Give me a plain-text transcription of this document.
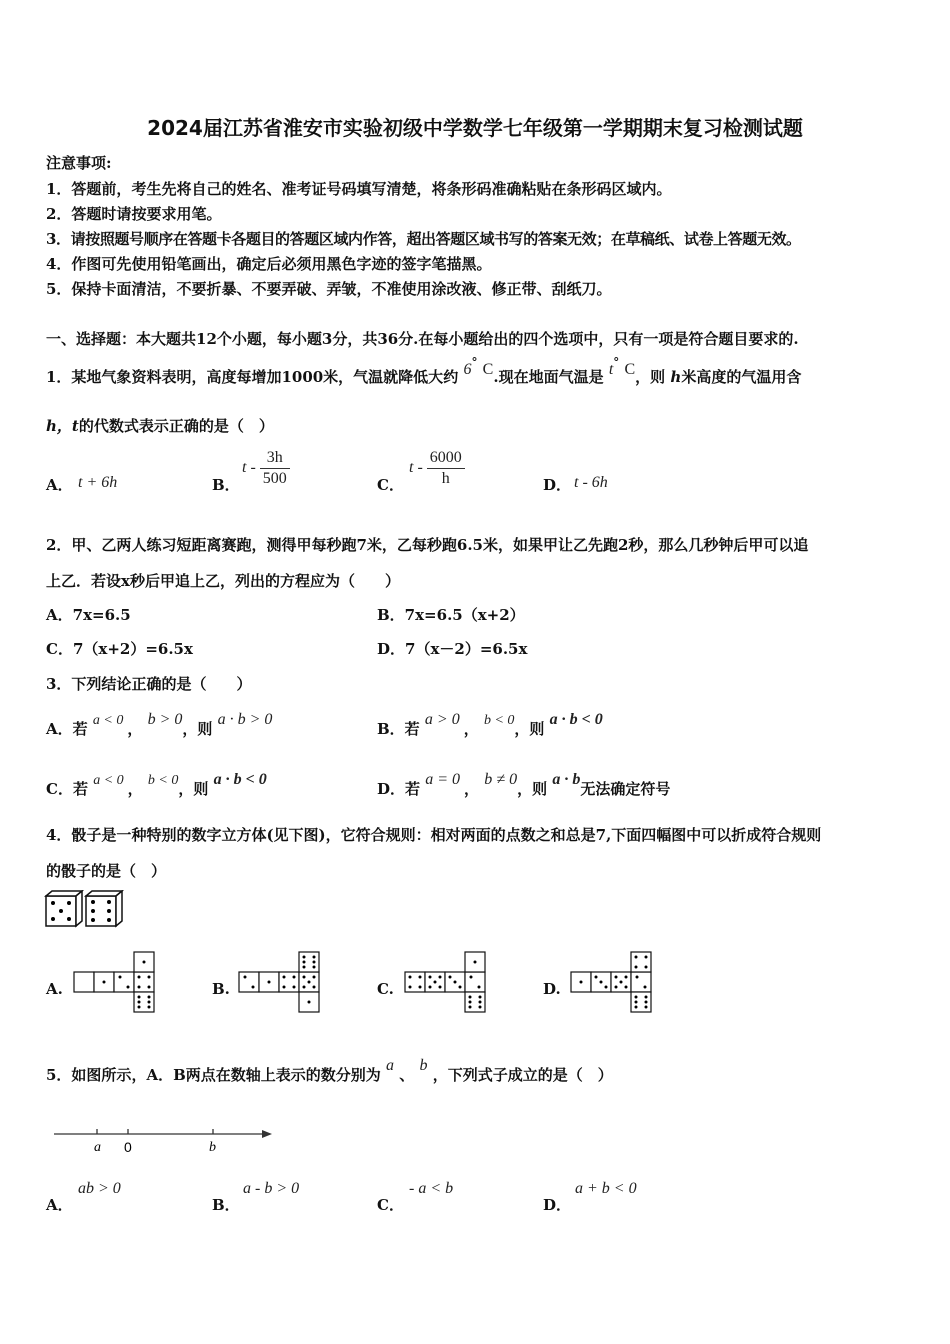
2024届江苏省淮安市实验初级中学数学七年级第一学期期末复习检测试题
注意事项:
1．答题前，考生先将自己的姓名、准考证号码填写清楚，将条形码准确粘贴在条形码区域内。
2．答题时请按要求用笔。
3．请按照题号顺序在答题卡各题目的答题区域内作答，超出答题区域书写的答案无效；在草稿纸、试卷上答题无效。
4．作图可先使用铅笔画出，确定后必须用黑色字迹的签字笔描黑。
5．保持卡面清洁，不要折暴、不要弄破、弄皱，不准使用涂改液、修正带、刮纸刀。
一、选择题：本大题共12个小题，每小题3分，共36分.在每小题给出的四个选项中，只有一项是符合题目要求的.
1．某地气象资料表明，高度每增加1000米，气温就降低大约 6° C.现在地面气温是 t° C，则 h米高度的气温用含
h，t的代数式表示正确的是（　）
A． t + 6h	B．
t - $\frac{3h}{500}$	C．
t - $\frac{6000}{h}$	D． t - 6h
2．甲、乙两人练习短距离赛跑，测得甲每秒跑7米，乙每秒跑6.5米，如果甲让乙先跑2秒，那么几秒钟后甲可以追
上乙．若设x秒后甲追上乙，列出的方程应为（　　）
A．7x=6.5	B．7x=6.5（x+2）
C．7（x+2）=6.5x	D．7（x－2）=6.5x
3．下列结论正确的是（　　）
A．若 a < 0 ， b > 0，则 a · b > 0
B．若 a > 0， b < 0，则 a · b < 0
C．若 a < 0 ， b < 0，则 a · b < 0
D．若 a = 0， b ≠ 0，则 a · b无法确定符号
4．骰子是一种特别的数字立方体(见下图)，它符合规则：相对两面的点数之和总是7,下面四幅图中可以折成符合规则
的骰子的是（　）
A.	B.	C.	D.
5．如图所示，A．B两点在数轴上表示的数分别为 a 、 b ，下列式子成立的是（　）
a 0	b
A．
ab > 0
B．
a - b > 0
C．
- a < b
D．
a + b < 0
